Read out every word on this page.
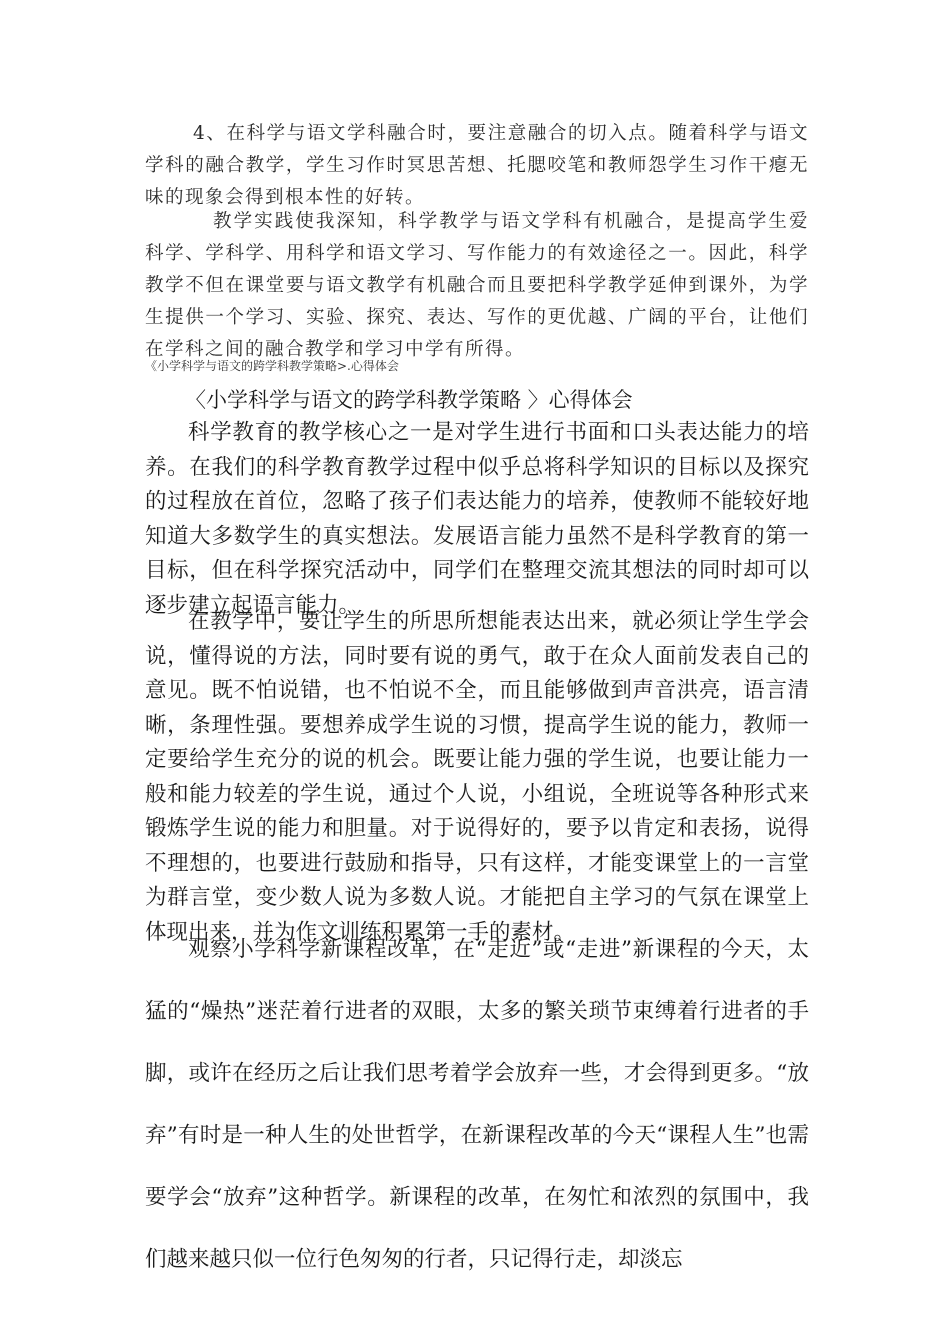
4、在科学与语文学科融合时，要注意融合的切入点。随着科学与语文学科的融合教学，学生习作时冥思苦想、托腮咬笔和教师怨学生习作干瘪无味的现象会得到根本性的好转。

教学实践使我深知，科学教学与语文学科有机融合，是提高学生爱科学、学科学、用科学和语文学习、写作能力的有效途径之一。因此，科学教学不但在课堂要与语文教学有机融合而且要把科学教学延伸到课外，为学生提供一个学习、实验、探究、表达、写作的更优越、广阔的平台，让他们在学科之间的融合教学和学习中学有所得。

《小学科学与语文的跨学科教学策略>.心得体会

〈小学科学与语文的跨学科教学策略 〉心得体会

科学教育的教学核心之一是对学生进行书面和口头表达能力的培养。在我们的科学教育教学过程中似乎总将科学知识的目标以及探究的过程放在首位，忽略了孩子们表达能力的培养，使教师不能较好地知道大多数学生的真实想法。发展语言能力虽然不是科学教育的第一目标，但在科学探究活动中，同学们在整理交流其想法的同时却可以逐步建立起语言能力。

在教学中，要让学生的所思所想能表达出来，就必须让学生学会说，懂得说的方法，同时要有说的勇气，敢于在众人面前发表自己的意见。既不怕说错，也不怕说不全，而且能够做到声音洪亮，语言清晰，条理性强。要想养成学生说的习惯，提高学生说的能力，教师一定要给学生充分的说的机会。既要让能力强的学生说，也要让能力一般和能力较差的学生说，通过个人说，小组说，全班说等各种形式来锻炼学生说的能力和胆量。对于说得好的，要予以肯定和表扬，说得不理想的，也要进行鼓励和指导，只有这样，才能变课堂上的一言堂为群言堂，变少数人说为多数人说。才能把自主学习的气氛在课堂上体现出来，并为作文训练积累第一手的素材。

观察小学科学新课程改革，在“走近”或“走进”新课程的今天，太猛的“燥热”迷茫着行进者的双眼，太多的繁关琐节束缚着行进者的手脚，或许在经历之后让我们思考着学会放弃一些，才会得到更多。“放弃”有时是一种人生的处世哲学，在新课程改革的今天“课程人生”也需要学会“放弃”这种哲学。新课程的改革，在匆忙和浓烈的氛围中，我们越来越只似一位行色匆匆的行者，只记得行走，却淡忘
